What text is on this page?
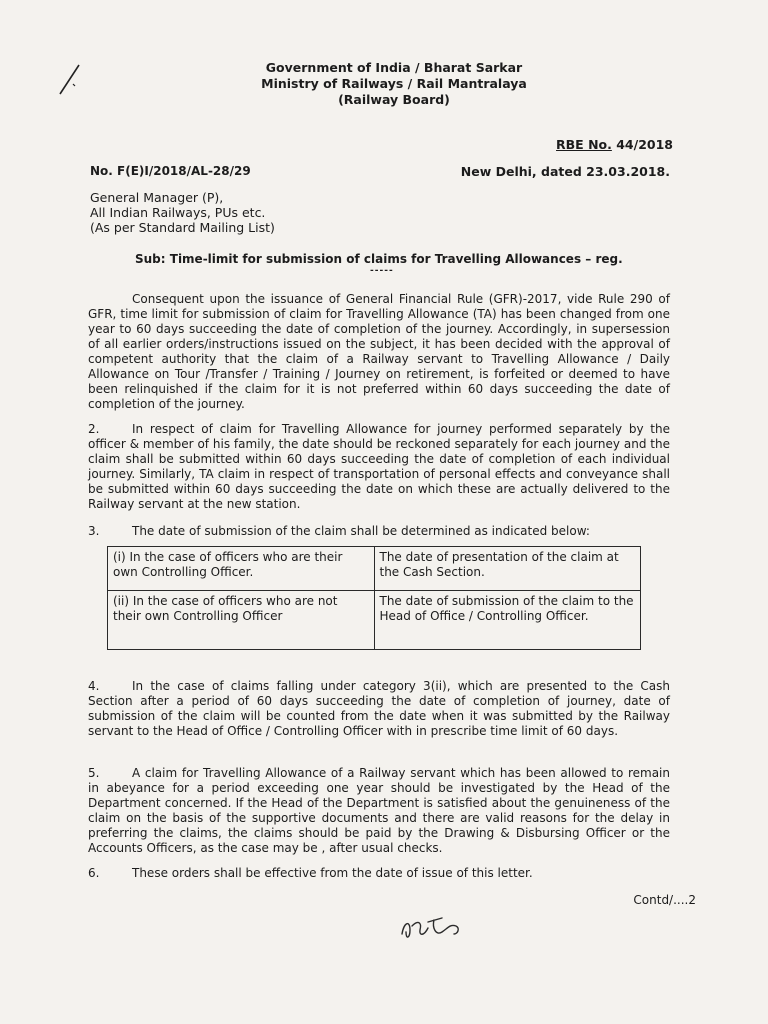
Government of India / Bharat Sarkar
Ministry of Railways / Rail Mantralaya
(Railway Board)
RBE No. 44/2018
No. F(E)I/2018/AL-28/29	New Delhi, dated 23.03.2018.
General Manager (P),
All Indian Railways, PUs etc.
(As per Standard Mailing List)
Sub: Time-limit for submission of claims for Travelling Allowances – reg.
-----
Consequent upon the issuance of General Financial Rule (GFR)-2017, vide Rule 290 of GFR, time limit for submission of claim for Travelling Allowance (TA) has been changed from one year to 60 days succeeding the date of completion of the journey. Accordingly, in supersession of all earlier orders/instructions issued on the subject, it has been decided with the approval of competent authority that the claim of a Railway servant to Travelling Allowance / Daily Allowance on Tour /Transfer / Training / Journey on retirement, is forfeited or deemed to have been relinquished if the claim for it is not preferred within 60 days succeeding the date of completion of the journey.
2.	In respect of claim for Travelling Allowance for journey performed separately by the officer & member of his family, the date should be reckoned separately for each journey and the claim shall be submitted within 60 days succeeding the date of completion of each individual journey. Similarly, TA claim in respect of transportation of personal effects and conveyance shall be submitted within 60 days succeeding the date on which these are actually delivered to the Railway servant at the new station.
3.	The date of submission of the claim shall be determined as indicated below:
(i) In the case of officers who are their own Controlling Officer.	The date of presentation of the claim at the Cash Section.
(ii) In the case of officers who are not their own Controlling Officer	The date of submission of the claim to the Head of Office / Controlling Officer.
4.	In the case of claims falling under category 3(ii), which are presented to the Cash Section after a period of 60 days succeeding the date of completion of journey, date of submission of the claim will be counted from the date when it was submitted by the Railway servant to the Head of Office / Controlling Officer with in prescribe time limit of 60 days.
5.	A claim for Travelling Allowance of a Railway servant which has been allowed to remain in abeyance for a period exceeding one year should be investigated by the Head of the Department concerned. If the Head of the Department is satisfied about the genuineness of the claim on the basis of the supportive documents and there are valid reasons for the delay in preferring the claims, the claims should be paid by the Drawing & Disbursing Officer or the Accounts Officers, as the case may be , after usual checks.
6.	These orders shall be effective from the date of issue of this letter.
Contd/....2
